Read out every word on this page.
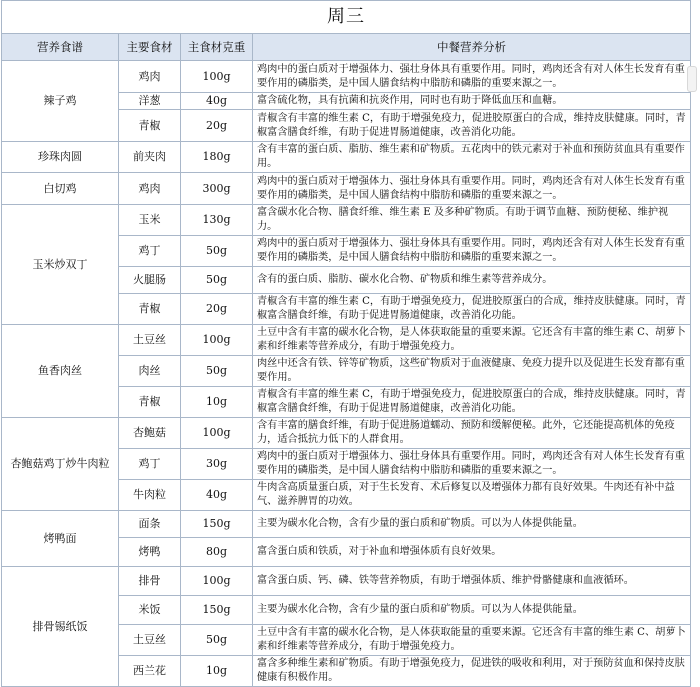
周三			
营养食谱	主要食材	主食材克重	中餐营养分析
辣子鸡	鸡肉	100g	鸡肉中的蛋白质对于增强体力、强壮身体具有重要作用。同时，鸡肉还含有对人体生长发育有重要作用的磷脂类，是中国人膳食结构中脂肪和磷脂的重要来源之一。
	洋葱	40g	富含硫化物，具有抗菌和抗炎作用，同时也有助于降低血压和血糖。
	青椒	20g	青椒含有丰富的维生素 C，有助于增强免疫力，促进胶原蛋白的合成，维持皮肤健康。同时，青椒富含膳食纤维，有助于促进胃肠道健康，改善消化功能。
珍珠肉圆	前夹肉	180g	含有丰富的蛋白质、脂肪、维生素和矿物质。五花肉中的铁元素对于补血和预防贫血具有重要作用。
白切鸡	鸡肉	300g	鸡肉中的蛋白质对于增强体力、强壮身体具有重要作用。同时，鸡肉还含有对人体生长发育有重要作用的磷脂类，是中国人膳食结构中脂肪和磷脂的重要来源之一。
玉米炒双丁	玉米	130g	富含碳水化合物、膳食纤维、维生素 E 及多种矿物质。有助于调节血糖、预防便秘、维护视力。
	鸡丁	50g	鸡肉中的蛋白质对于增强体力、强壮身体具有重要作用。同时，鸡肉还含有对人体生长发育有重要作用的磷脂类，是中国人膳食结构中脂肪和磷脂的重要来源之一。
	火腿肠	50g	含有的蛋白质、脂肪、碳水化合物、矿物质和维生素等营养成分。
	青椒	20g	青椒含有丰富的维生素 C，有助于增强免疫力，促进胶原蛋白的合成，维持皮肤健康。同时，青椒富含膳食纤维，有助于促进胃肠道健康，改善消化功能。
鱼香肉丝	土豆丝	100g	土豆中含有丰富的碳水化合物，是人体获取能量的重要来源。它还含有丰富的维生素 C、胡萝卜素和纤维素等营养成分，有助于增强免疫力。
	肉丝	50g	肉丝中还含有铁、锌等矿物质，这些矿物质对于血液健康、免疫力提升以及促进生长发育都有重要作用。
	青椒	10g	青椒含有丰富的维生素 C，有助于增强免疫力，促进胶原蛋白的合成，维持皮肤健康。同时，青椒富含膳食纤维，有助于促进胃肠道健康，改善消化功能。
杏鲍菇鸡丁炒牛肉粒	杏鲍菇	100g	含有丰富的膳食纤维，有助于促进肠道蠕动、预防和缓解便秘。此外，它还能提高机体的免疫力，适合抵抗力低下的人群食用。
	鸡丁	30g	鸡肉中的蛋白质对于增强体力、强壮身体具有重要作用。同时，鸡肉还含有对人体生长发育有重要作用的磷脂类，是中国人膳食结构中脂肪和磷脂的重要来源之一。
	牛肉粒	40g	牛肉含高质量蛋白质，对于生长发育、术后修复以及增强体力都有良好效果。牛肉还有补中益气、滋养脾胃的功效。
烤鸭面	面条	150g	主要为碳水化合物，含有少量的蛋白质和矿物质。可以为人体提供能量。
	烤鸭	80g	富含蛋白质和铁质，对于补血和增强体质有良好效果。
排骨锡纸饭	排骨	100g	富含蛋白质、钙、磷、铁等营养物质，有助于增强体质、维护骨骼健康和血液循环。
	米饭	150g	主要为碳水化合物，含有少量的蛋白质和矿物质。可以为人体提供能量。
	土豆丝	50g	土豆中含有丰富的碳水化合物，是人体获取能量的重要来源。它还含有丰富的维生素 C、胡萝卜素和纤维素等营养成分，有助于增强免疫力。
	西兰花	10g	富含多种维生素和矿物质。有助于增强免疫力，促进铁的吸收和利用，对于预防贫血和保持皮肤健康有积极作用。
